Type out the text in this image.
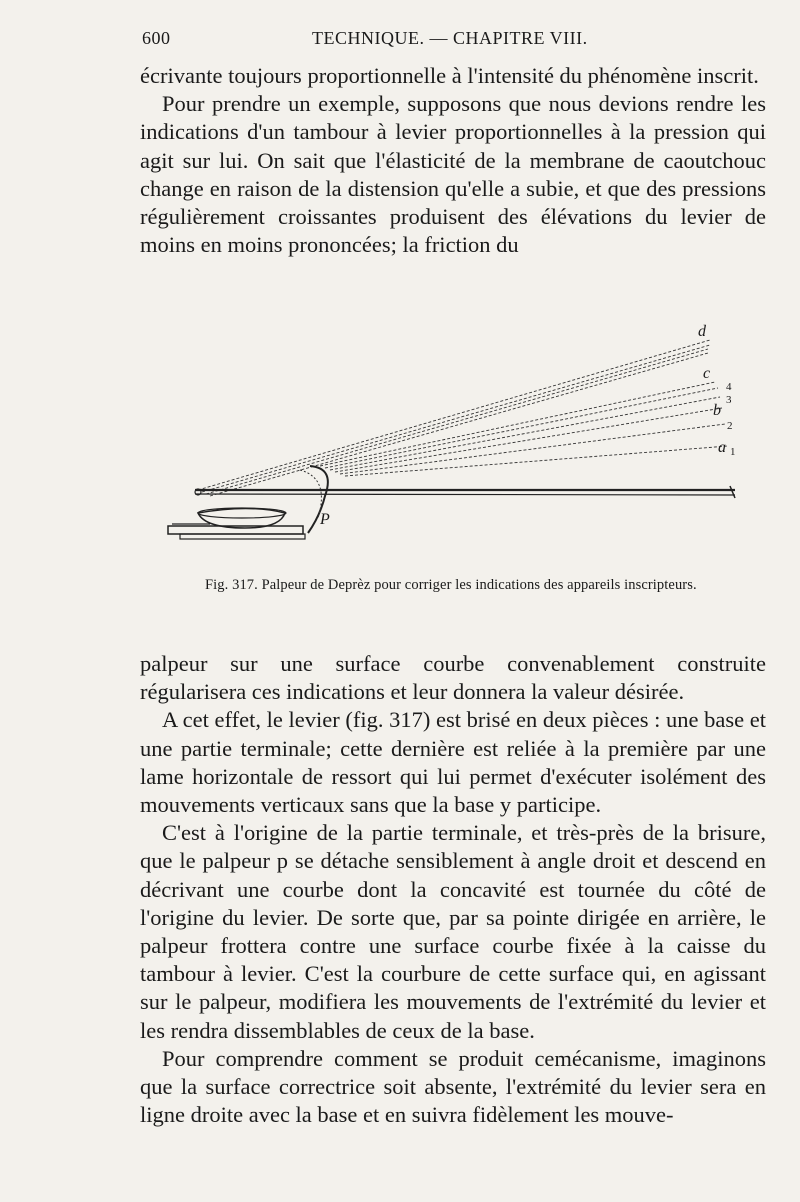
600	TECHNIQUE. — CHAPITRE VIII.

écrivante toujours proportionnelle à l'intensité du phénomène inscrit.

Pour prendre un exemple, supposons que nous devions rendre les indications d'un tambour à levier proportionnelles à la pression qui agit sur lui. On sait que l'élasticité de la membrane de caoutchouc change en raison de la distension qu'elle a subie, et que des pressions régulièrement croissantes produisent des élévations du levier de moins en moins prononcées; la friction du

d
c
4
3
b
2
a 1
P
Fig. 317. Palpeur de Deprèz pour corriger les indications des appareils inscripteurs.

palpeur sur une surface courbe convenablement construite régularisera ces indications et leur donnera la valeur désirée.

A cet effet, le levier (fig. 317) est brisé en deux pièces : une base et une partie terminale; cette dernière est reliée à la première par une lame horizontale de ressort qui lui permet d'exécuter isolément des mouvements verticaux sans que la base y participe.

C'est à l'origine de la partie terminale, et très-près de la brisure, que le palpeur p se détache sensiblement à angle droit et descend en décrivant une courbe dont la concavité est tournée du côté de l'origine du levier. De sorte que, par sa pointe dirigée en arrière, le palpeur frottera contre une surface courbe fixée à la caisse du tambour à levier. C'est la courbure de cette surface qui, en agissant sur le palpeur, modifiera les mouvements de l'extrémité du levier et les rendra dissemblables de ceux de la base.

Pour comprendre comment se produit cemécanisme, imaginons que la surface correctrice soit absente, l'extrémité du levier sera en ligne droite avec la base et en suivra fidèlement les mouve-
